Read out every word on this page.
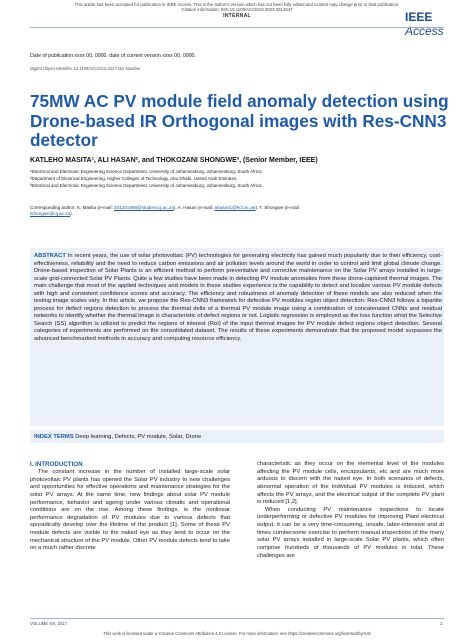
This article has been accepted for publication in IEEE Access. This is the author's version which has not been fully edited and content may change prior to final publication. Citation information: DOI 10.1109/ACCESS.2023.3314547
INTERNAL	IEEE Access
Date of publication xxxx 00, 0000, date of current version xxxx 00, 0000.
Digital Object Identifier 10.1109/ACCESS.2017.Doi Number
75MW AC PV module field anomaly detection using Drone-based IR Orthogonal images with Res-CNN3 detector
KATLEHO MASITA¹, ALI HASAN², and THOKOZANI SHONGWE³, (Senior Member, IEEE)
¹Electrical and Electronic Engineering Science Department, University of Johannesburg, Johannesburg, South Africa
²Department of Electrical Engineering, Higher Colleges of Technology, Abu Dhabi, United Arab Emirates.
³Electrical and Electronic Engineering Science Department, University of Johannesburg, Johannesburg, South Africa
Corresponding author: K. Masita (e-mail: 201201568@student.uj.ac.za), A. Hasan (e-mail: ahasan1@hct.ac.ae), T. Shongwe (e-mail:
tshongwe@uj.ac.za).
ABSTRACT In recent years, the use of solar photovoltaic (PV) technologies for generating electricity has gained much popularity due to their efficiency, cost-effectiveness, reliability and the need to reduce carbon emissions and air pollution levels around the world in order to control and limit global climate change. Drone-based inspection of Solar Plants is an efficient method to perform preventative and corrective maintenance on the Solar PV arrays installed in large-scale grid-connected Solar PV Plants. Quite a few studies have been made in detecting PV module anomalies from these drone-captured thermal images. The main challenge that most of the applied techniques and models in these studies experience is the capability to detect and localize various PV module defects with high and consistent confidence scores and accuracy. The efficiency and robustness of anomaly detection of these models are also reduced when the testing image scales vary. In this article, we propose the Res-CNN3 framework for defective PV modules region object detection. Res-CNN3 follows a bipartite process for defect regions detection to process the thermal delts of a thermal PV module image using a combination of concatenated CNNs and residual networks to identify whether the thermal image is characteristic of defect regions or not. Logistic regression is employed as the loss function whist the Selective Search (SS) algorithm is utilized to predict the regions of interest (RoI) of the input thermal images for PV module defect regions object detection. Several categories of experiments are performed on the consolidated dataset. The results of these experiments demonstrate that the proposed model surpasses the advanced benchmarked methods in accuracy and computing resource efficiency.
INDEX TERMS Deep learning, Defects, PV module, Solar, Drone
I. INTRODUCTION
The constant increase in the number of installed large-scale solar photovoltaic PV plants has opened the Solar PV industry to new challenges and opportunities for effective operations and maintenance strategies for the solar PV arrays. At the same time, new findings about solar PV module performance, behavior and ageing under various climatic and operational conditions are on the rise. Among these findings, is the nonlinear performance degradation of PV modules due to various defects that sporadically develop over the lifetime of the product [1]. Some of these PV module defects are visible to the naked eye as they tend to occur on the mechanical structure of the PV module. Other PV module defects tend to take on a much rather discrete
characteristic as they occur on the elemental level of the modules affecting the PV module cells, encapsulants, etc and are much more arduous to discern with the naked eye. In both scenarios of defects, abnormal operation of the individual PV modules is induced, which affects the PV arrays, and the electrical output of the complete PV plant is reduced [1,2].
When conducting PV maintenance inspections to locate underperforming or defective PV modules for improving Plant electrical output, it can be a very time-consuming, unsafe, labor-intensive and at times cumbersome exercise to perform manual inspections of the many solar PV arrays installed in large-scale Solar PV plants, which often comprise hundreds of thousands of PV modules in total. These challenges are
VOLUME XX, 2017	1
This work is licensed under a Creative Commons Attribution 4.0 License. For more information, see https://creativecommons.org/licenses/by/4.0/
